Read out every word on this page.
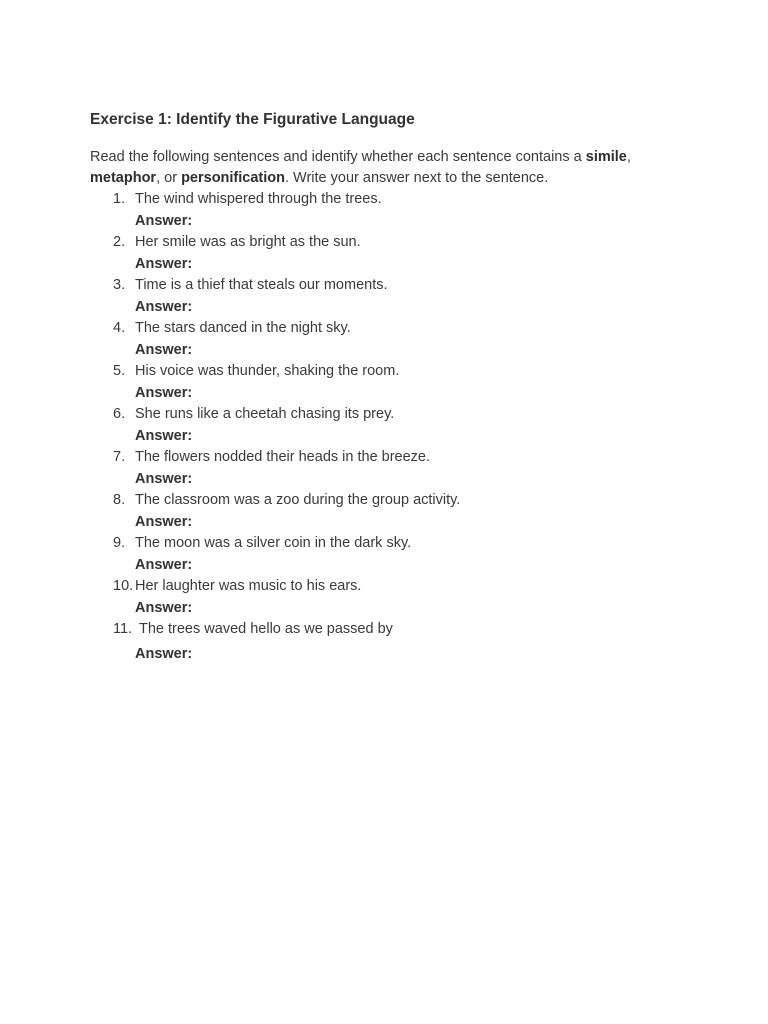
Exercise 1: Identify the Figurative Language

Read the following sentences and identify whether each sentence contains a simile,
metaphor, or personification. Write your answer next to the sentence.

1. The wind whispered through the trees.
Answer:
2. Her smile was as bright as the sun.
Answer:
3. Time is a thief that steals our moments.
Answer:
4. The stars danced in the night sky.
Answer:
5. His voice was thunder, shaking the room.
Answer:
6. She runs like a cheetah chasing its prey.
Answer:
7. The flowers nodded their heads in the breeze.
Answer:
8. The classroom was a zoo during the group activity.
Answer:
9. The moon was a silver coin in the dark sky.
Answer:
10. Her laughter was music to his ears.
Answer:
11. The trees waved hello as we passed by
Answer:
